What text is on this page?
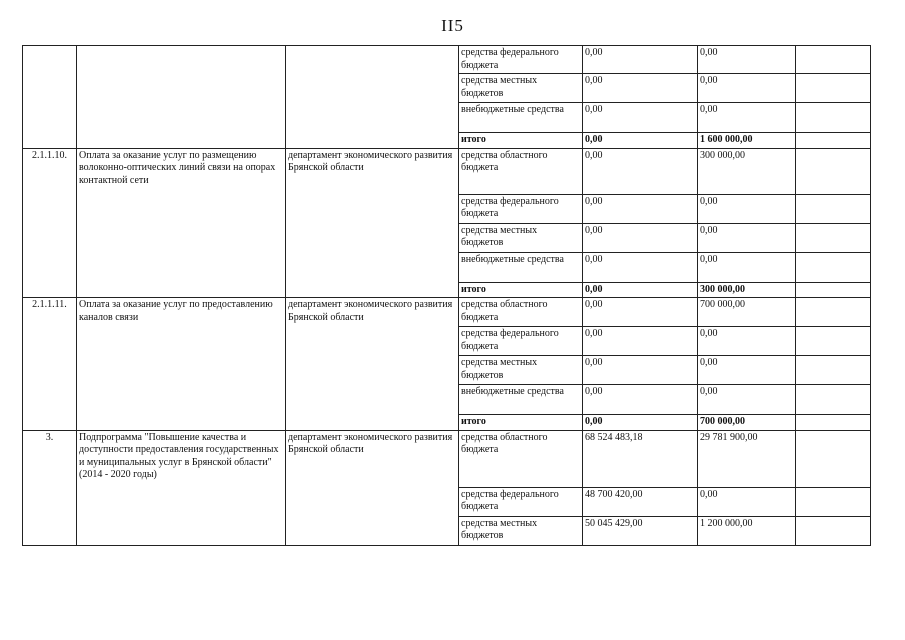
II5
			средства федерального бюджета	0,00	0,00	
			средства местных бюджетов	0,00	0,00	
			внебюджетные средства	0,00	0,00	
			итого	0,00	1 600 000,00	
2.1.1.10.	Оплата за оказание услуг по размещению волоконно-оптических линий связи на опорах контактной сети	департамент экономического развития Брянской области	средства областного бюджета	0,00	300 000,00	
			средства федерального бюджета	0,00	0,00	
			средства местных бюджетов	0,00	0,00	
			внебюджетные средства	0,00	0,00	
			итого	0,00	300 000,00	
2.1.1.11.	Оплата за оказание услуг по предоставлению каналов связи	департамент экономического развития Брянской области	средства областного бюджета	0,00	700 000,00	
			средства федерального бюджета	0,00	0,00	
			средства местных бюджетов	0,00	0,00	
			внебюджетные средства	0,00	0,00	
			итого	0,00	700 000,00	
3.	Подпрограмма "Повышение качества и доступности предоставления государственных и муниципальных услуг в Брянской области" (2014 - 2020 годы)	департамент экономического развития Брянской области	средства областного бюджета	68 524 483,18	29 781 900,00	
			средства федерального бюджета	48 700 420,00	0,00	
			средства местных бюджетов	50 045 429,00	1 200 000,00	
